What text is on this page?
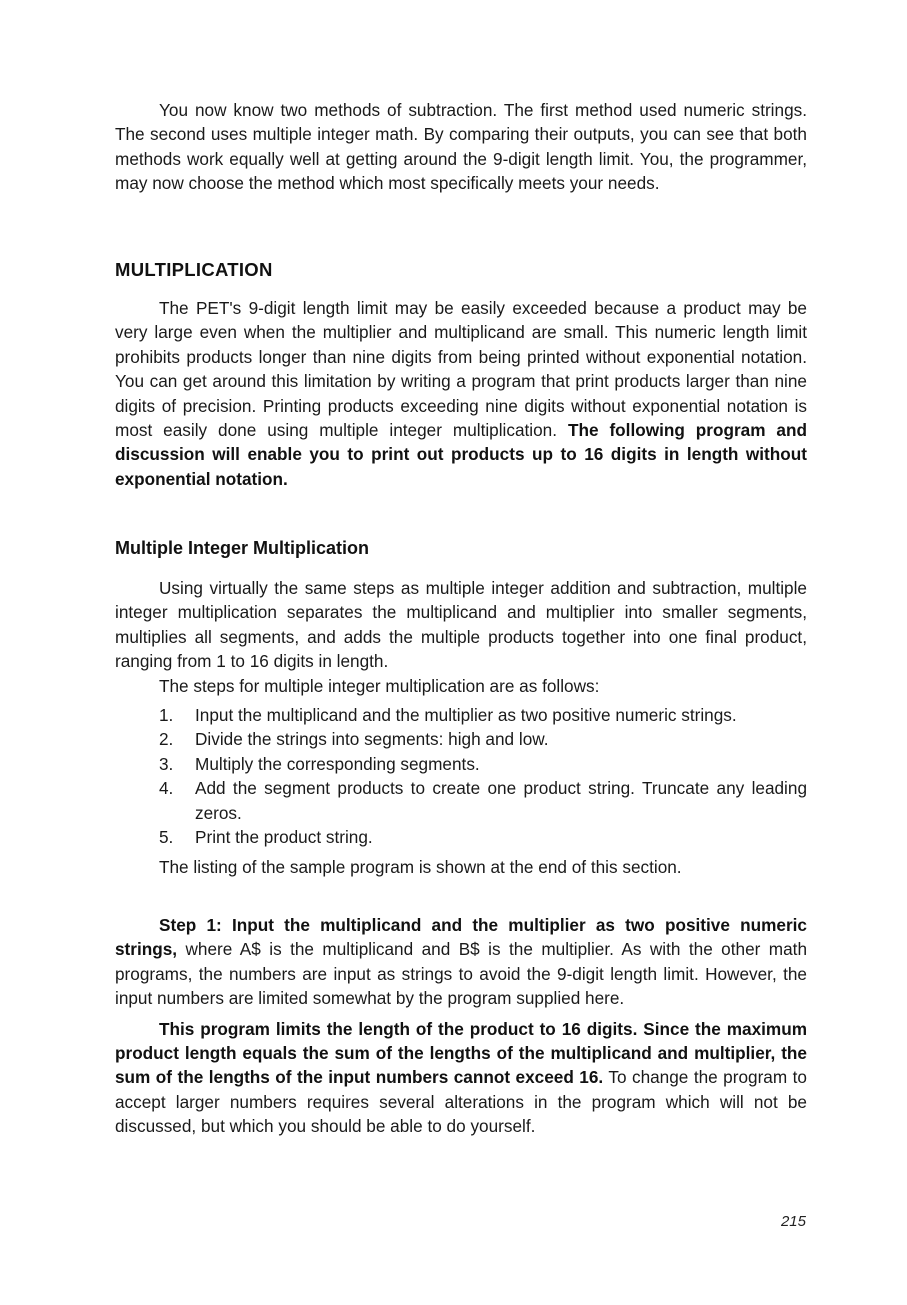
You now know two methods of subtraction. The first method used numeric strings. The second uses multiple integer math. By comparing their outputs, you can see that both methods work equally well at getting around the 9-digit length limit. You, the programmer, may now choose the method which most specifically meets your needs.

MULTIPLICATION

The PET's 9-digit length limit may be easily exceeded because a product may be very large even when the multiplier and multiplicand are small. This numeric length limit prohibits products longer than nine digits from being printed without exponential notation. You can get around this limitation by writing a program that print products larger than nine digits of precision. Printing products exceeding nine digits without exponential notation is most easily done using multiple integer multiplication. The following program and discussion will enable you to print out products up to 16 digits in length without exponential notation.

Multiple Integer Multiplication

Using virtually the same steps as multiple integer addition and subtraction, multiple integer multiplication separates the multiplicand and multiplier into smaller segments, multiplies all segments, and adds the multiple products together into one final product, ranging from 1 to 16 digits in length.

The steps for multiple integer multiplication are as follows:

1. Input the multiplicand and the multiplier as two positive numeric strings.
2. Divide the strings into segments: high and low.
3. Multiply the corresponding segments.
4. Add the segment products to create one product string. Truncate any leading zeros.
5. Print the product string.

The listing of the sample program is shown at the end of this section.

Step 1: Input the multiplicand and the multiplier as two positive numeric strings, where A$ is the multiplicand and B$ is the multiplier. As with the other math programs, the numbers are input as strings to avoid the 9-digit length limit. However, the input numbers are limited somewhat by the program supplied here.

This program limits the length of the product to 16 digits. Since the maximum product length equals the sum of the lengths of the multiplicand and multiplier, the sum of the lengths of the input numbers cannot exceed 16. To change the program to accept larger numbers requires several alterations in the program which will not be discussed, but which you should be able to do yourself.

215
